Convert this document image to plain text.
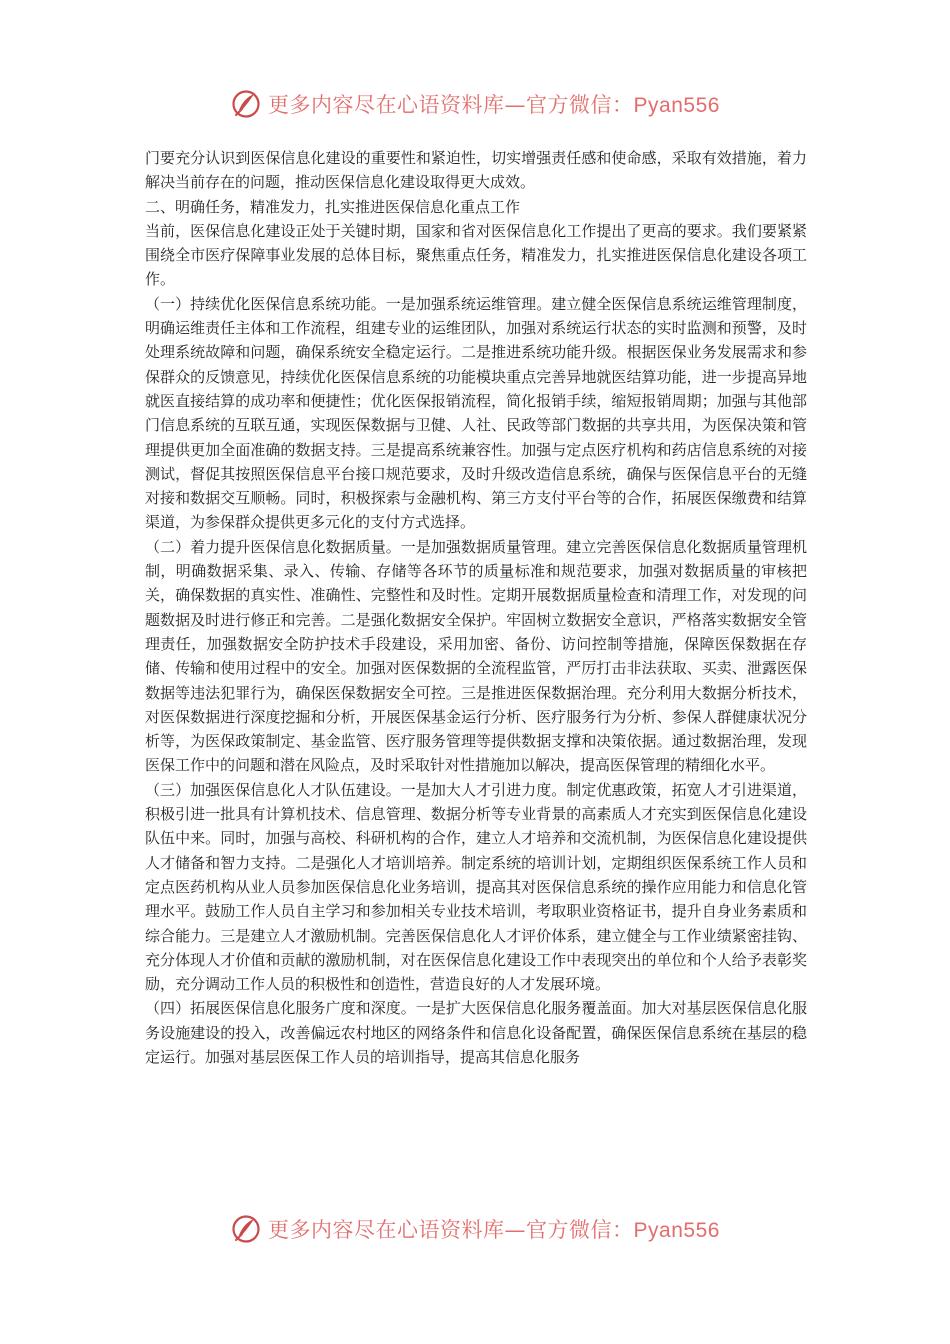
更多内容尽在心语资料库—官方微信：Pyan556

门要充分认识到医保信息化建设的重要性和紧迫性，切实增强责任感和使命感，采取有效措施，着力解决当前存在的问题，推动医保信息化建设取得更大成效。

二、明确任务，精准发力，扎实推进医保信息化重点工作

当前，医保信息化建设正处于关键时期，国家和省对医保信息化工作提出了更高的要求。我们要紧紧围绕全市医疗保障事业发展的总体目标，聚焦重点任务，精准发力，扎实推进医保信息化建设各项工作。

（一）持续优化医保信息系统功能。一是加强系统运维管理。建立健全医保信息系统运维管理制度，明确运维责任主体和工作流程，组建专业的运维团队，加强对系统运行状态的实时监测和预警，及时处理系统故障和问题，确保系统安全稳定运行。二是推进系统功能升级。根据医保业务发展需求和参保群众的反馈意见，持续优化医保信息系统的功能模块重点完善异地就医结算功能，进一步提高异地就医直接结算的成功率和便捷性；优化医保报销流程，简化报销手续，缩短报销周期；加强与其他部门信息系统的互联互通，实现医保数据与卫健、人社、民政等部门数据的共享共用，为医保决策和管理提供更加全面准确的数据支持。三是提高系统兼容性。加强与定点医疗机构和药店信息系统的对接测试，督促其按照医保信息平台接口规范要求，及时升级改造信息系统，确保与医保信息平台的无缝对接和数据交互顺畅。同时，积极探索与金融机构、第三方支付平台等的合作，拓展医保缴费和结算渠道，为参保群众提供更多元化的支付方式选择。

（二）着力提升医保信息化数据质量。一是加强数据质量管理。建立完善医保信息化数据质量管理机制，明确数据采集、录入、传输、存储等各环节的质量标准和规范要求，加强对数据质量的审核把关，确保数据的真实性、准确性、完整性和及时性。定期开展数据质量检查和清理工作，对发现的问题数据及时进行修正和完善。二是强化数据安全保护。牢固树立数据安全意识，严格落实数据安全管理责任，加强数据安全防护技术手段建设，采用加密、备份、访问控制等措施，保障医保数据在存储、传输和使用过程中的安全。加强对医保数据的全流程监管，严厉打击非法获取、买卖、泄露医保数据等违法犯罪行为，确保医保数据安全可控。三是推进医保数据治理。充分利用大数据分析技术，对医保数据进行深度挖掘和分析，开展医保基金运行分析、医疗服务行为分析、参保人群健康状况分析等，为医保政策制定、基金监管、医疗服务管理等提供数据支撑和决策依据。通过数据治理，发现医保工作中的问题和潜在风险点，及时采取针对性措施加以解决，提高医保管理的精细化水平。

（三）加强医保信息化人才队伍建设。一是加大人才引进力度。制定优惠政策，拓宽人才引进渠道，积极引进一批具有计算机技术、信息管理、数据分析等专业背景的高素质人才充实到医保信息化建设队伍中来。同时，加强与高校、科研机构的合作，建立人才培养和交流机制，为医保信息化建设提供人才储备和智力支持。二是强化人才培训培养。制定系统的培训计划，定期组织医保系统工作人员和定点医药机构从业人员参加医保信息化业务培训，提高其对医保信息系统的操作应用能力和信息化管理水平。鼓励工作人员自主学习和参加相关专业技术培训，考取职业资格证书，提升自身业务素质和综合能力。三是建立人才激励机制。完善医保信息化人才评价体系，建立健全与工作业绩紧密挂钩、充分体现人才价值和贡献的激励机制，对在医保信息化建设工作中表现突出的单位和个人给予表彰奖励，充分调动工作人员的积极性和创造性，营造良好的人才发展环境。

（四）拓展医保信息化服务广度和深度。一是扩大医保信息化服务覆盖面。加大对基层医保信息化服务设施建设的投入，改善偏远农村地区的网络条件和信息化设备配置，确保医保信息系统在基层的稳定运行。加强对基层医保工作人员的培训指导，提高其信息化服务

更多内容尽在心语资料库—官方微信：Pyan556
